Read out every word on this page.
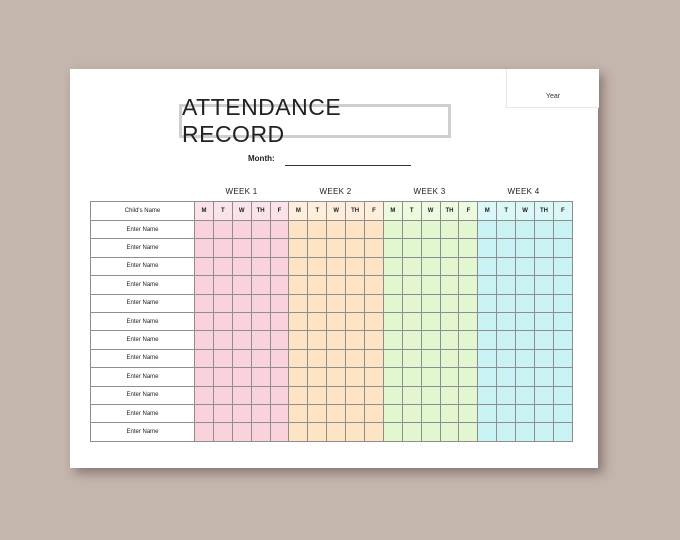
Year
ATTENDANCE RECORD
Month:
WEEK 1	WEEK 2	WEEK 3	WEEK 4
Child's Name	M	T	W	TH	F	M	T	W	TH	F	M	T	W	TH	F	M	T	W	TH	F
Enter Name																				
Enter Name																				
Enter Name																				
Enter Name																				
Enter Name																				
Enter Name																				
Enter Name																				
Enter Name																				
Enter Name																				
Enter Name																				
Enter Name																				
Enter Name																				
